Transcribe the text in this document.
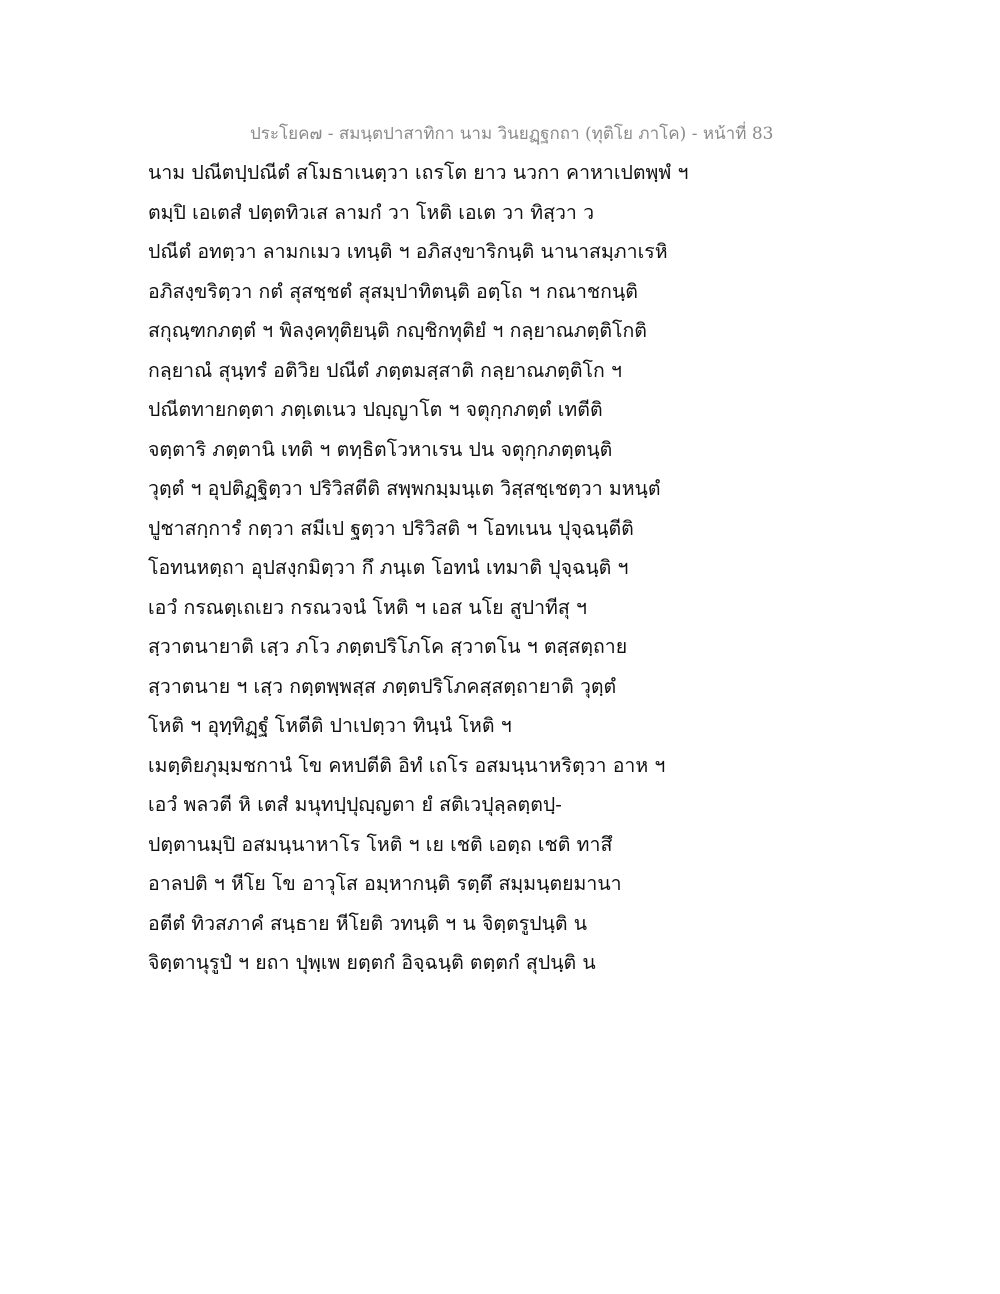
ประโยค๗ - สมนฺตปาสาทิกา นาม วินยฏฺฐกถา (ทุติโย ภาโค) - หน้าที่ 83
นาม ปณีตปฺปณีตํ สโมธาเนตฺวา เถรโต ยาว นวกา คาหาเปตพฺพํ ฯ
ตมฺปิ เอเตสํ ปตฺตทิวเส ลามกํ วา โหติ เอเต วา ทิสฺวา ว
ปณีตํ อทตฺวา ลามกเมว เทนฺติ ฯ อภิสงฺขาริกนฺติ นานาสมฺภาเรหิ
อภิสงฺขริตฺวา กตํ สุสชฺชตํ สุสมฺปาทิตนฺติ อตฺโถ ฯ กณาชกนฺติ
สกุณฺฑกภตฺตํ ฯ พิลงฺคทุติยนฺติ กญฺชิกทุติยํ ฯ กลฺยาณภตฺติโกติ
กลฺยาณํ สุนฺทรํ อติวิย ปณีตํ ภตฺตมสฺสาติ กลฺยาณภตฺติโก ฯ
ปณีตทายกตฺตา ภตฺเตเนว ปญฺญาโต ฯ จตุกฺกภตฺตํ เทตีติ
จตฺตาริ ภตฺตานิ เทติ ฯ ตทฺธิตโวหาเรน ปน จตุกฺกภตฺตนฺติ
วุตฺตํ ฯ อุปติฏฺฐิตฺวา ปริวิสตีติ สพฺพกมฺมนฺเต วิสฺสชฺเชตฺวา มหนฺตํ
ปูชาสกฺการํ กตฺวา สมีเป ฐตฺวา ปริวิสติ ฯ โอทเนน ปุจฺฉนฺตีติ
โอทนหตฺถา อุปสงฺกมิตฺวา กึ ภนฺเต โอทนํ เทมาติ ปุจฺฉนฺติ ฯ
เอวํ กรณตฺเถเยว กรณวจนํ โหติ ฯ เอส นโย สูปาทีสุ ฯ
สฺวาตนายาติ เสฺว ภโว ภตฺตปริโภโค สฺวาตโน ฯ ตสฺสตฺถาย
สฺวาตนาย ฯ เสฺว กตฺตพฺพสฺส ภตฺตปริโภคสฺสตฺถายาติ วุตฺตํ
โหติ ฯ อุทฺทิฏฺฐํ โหตีติ ปาเปตฺวา ทินฺนํ โหติ ฯ
เมตฺติยภุมฺมชกานํ โข คหปตีติ อิทํ เถโร อสมนฺนาหริตฺวา อาห ฯ
เอวํ พลวตี หิ เตสํ มนุทปฺปุญฺญตา ยํ สติเวปุลฺลตฺตปฺ-
ปตฺตานมฺปิ อสมนฺนาหาโร โหติ ฯ เย เชติ เอตฺถ เชติ ทาสึ
อาลปติ ฯ หีโย โข อาวุโส อมฺหากนฺติ รตฺตึ สมฺมนฺตยมานา
อตีตํ ทิวสภาคํ สนฺธาย หีโยติ วทนฺติ ฯ น จิตฺตรูปนฺติ น
จิตฺตานุรูปํ ฯ ยถา ปุพฺเพ ยตฺตกํ อิจฺฉนฺติ ตตฺตกํ สุปนฺติ น
